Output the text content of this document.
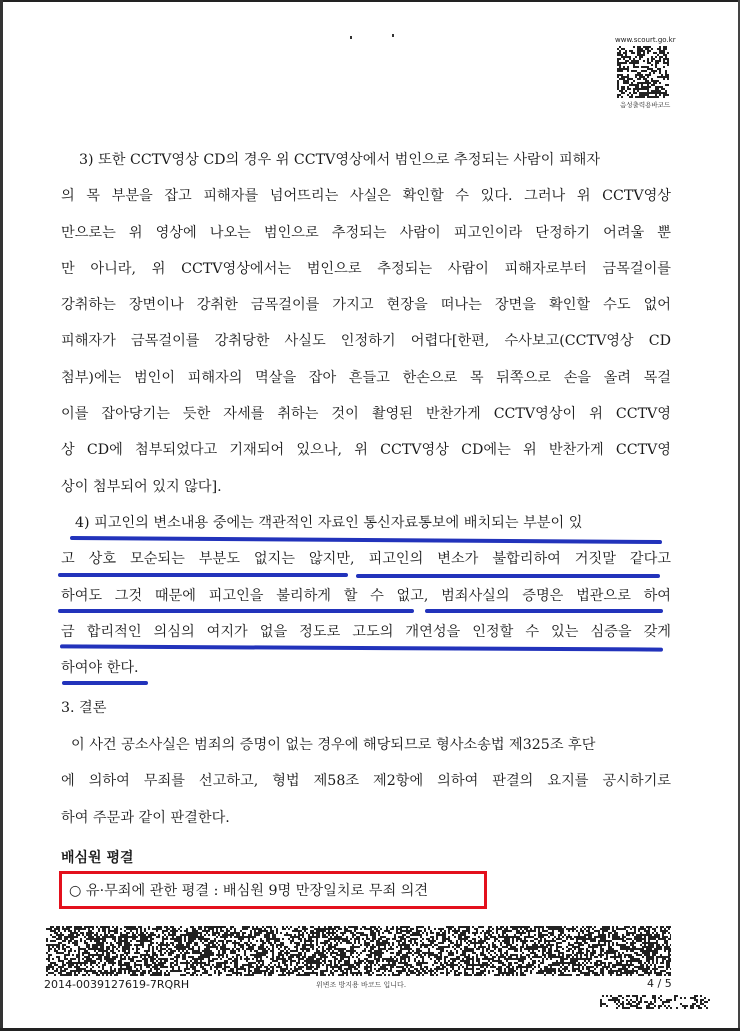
www.scourt.go.kr
음성출력용바코드
3) 또한 CCTV영상 CD의 경우 위 CCTV영상에서 범인으로 추정되는 사람이 피해자
의 목 부분을 잡고 피해자를 넘어뜨리는 사실은 확인할 수 있다. 그러나 위 CCTV영상
만으로는 위 영상에 나오는 범인으로 추정되는 사람이 피고인이라 단정하기 어려울 뿐
만 아니라, 위 CCTV영상에서는 범인으로 추정되는 사람이 피해자로부터 금목걸이를
강취하는 장면이나 강취한 금목걸이를 가지고 현장을 떠나는 장면을 확인할 수도 없어
피해자가 금목걸이를 강취당한 사실도 인정하기 어렵다[한편, 수사보고(CCTV영상 CD
첨부)에는 범인이 피해자의 멱살을 잡아 흔들고 한손으로 목 뒤쪽으로 손을 올려 목걸
이를 잡아당기는 듯한 자세를 취하는 것이 촬영된 반찬가게 CCTV영상이 위 CCTV영
상 CD에 첨부되었다고 기재되어 있으나, 위 CCTV영상 CD에는 위 반찬가게 CCTV영
상이 첨부되어 있지 않다].
4) 피고인의 변소내용 중에는 객관적인 자료인 통신자료통보에 배치되는 부분이 있
고 상호 모순되는 부분도 없지는 않지만, 피고인의 변소가 불합리하여 거짓말 같다고
하여도 그것 때문에 피고인을 불리하게 할 수 없고, 범죄사실의 증명은 법관으로 하여
금 합리적인 의심의 여지가 없을 정도로 고도의 개연성을 인정할 수 있는 심증을 갖게
하여야 한다.
3. 결론
이 사건 공소사실은 범죄의 증명이 없는 경우에 해당되므로 형사소송법 제325조 후단
에 의하여 무죄를 선고하고, 형법 제58조 제2항에 의하여 판결의 요지를 공시하기로
하여 주문과 같이 판결한다.
배심원 평결
○ 유·무죄에 관한 평결 : 배심원 9명 만장일치로 무죄 의견
2014-0039127619-7RQRH	위변조 방지용 바코드 입니다.	4 / 5
